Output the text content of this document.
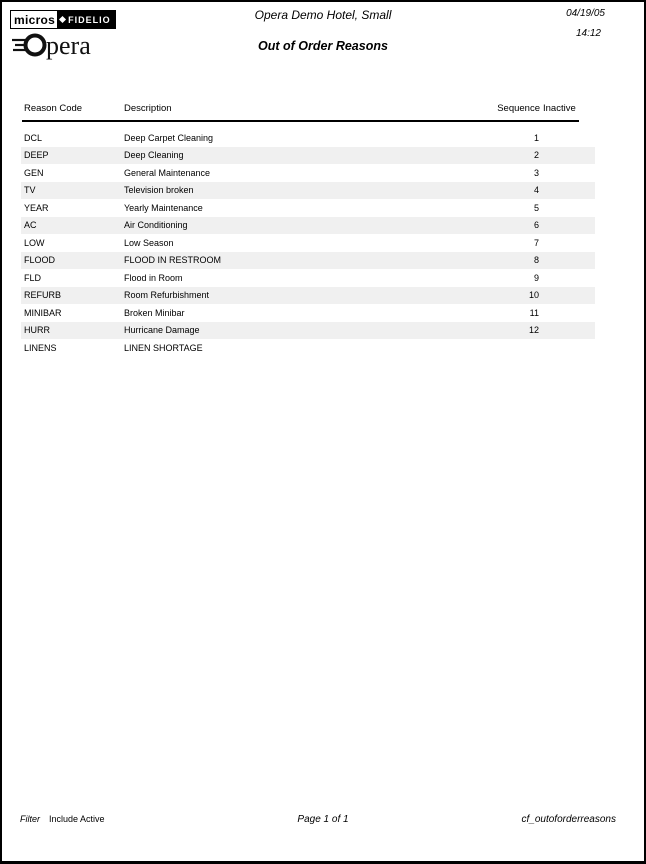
micros FIDELIO
pera
Opera Demo Hotel, Small
Out of Order Reasons
04/19/05
14:12
Reason Code	Description	Sequence Inactive
DCL	Deep Carpet Cleaning	1
DEEP	Deep Cleaning	2
GEN	General Maintenance	3
TV	Television broken	4
YEAR	Yearly Maintenance	5
AC	Air Conditioning	6
LOW	Low Season	7
FLOOD	FLOOD IN RESTROOM	8
FLD	Flood in Room	9
REFURB	Room Refurbishment	10
MINIBAR	Broken Minibar	11
HURR	Hurricane Damage	12
LINENS	LINEN SHORTAGE
Filter Include Active	Page 1 of 1	cf_outoforderreasons
